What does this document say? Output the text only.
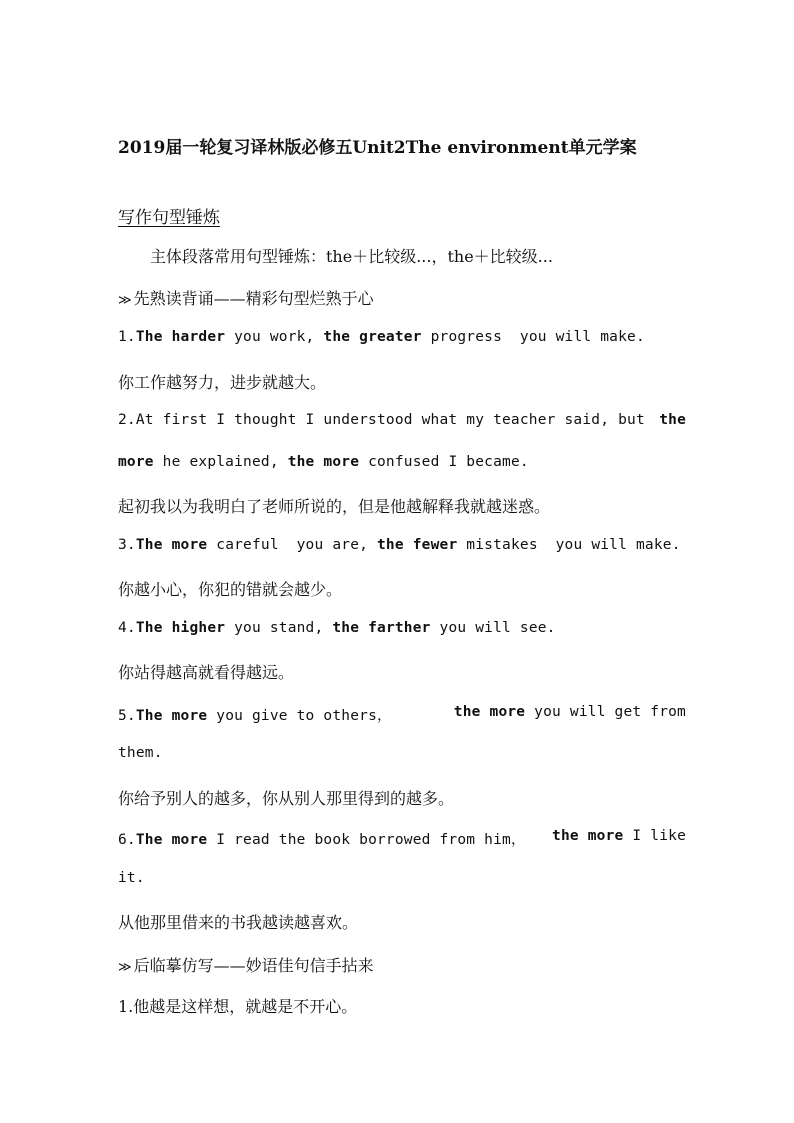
2019届一轮复习译林版必修五Unit2The environment单元学案
写作句型锤炼
主体段落常用句型锤炼：the＋比较级...，the＋比较级...
≫ 先熟读背诵——精彩句型烂熟于心
1.The harder you work, the greater progress  you will make.
你工作越努力，进步就越大。
2.At first I thought I understood what my teacher said, but the
more he explained, the more confused I became.
起初我以为我明白了老师所说的，但是他越解释我就越迷惑。
3.The more careful  you are, the fewer mistakes  you will make.
你越小心，你犯的错就会越少。
4.The higher you stand, the farther you will see.
你站得越高就看得越远。
5.The more you give to others，	the more you will get from
them.
你给予别人的越多，你从别人那里得到的越多。
6.The more I read the book borrowed from him， the more I like
it.
从他那里借来的书我越读越喜欢。
≫ 后临摹仿写——妙语佳句信手拈来
1.他越是这样想，就越是不开心。
